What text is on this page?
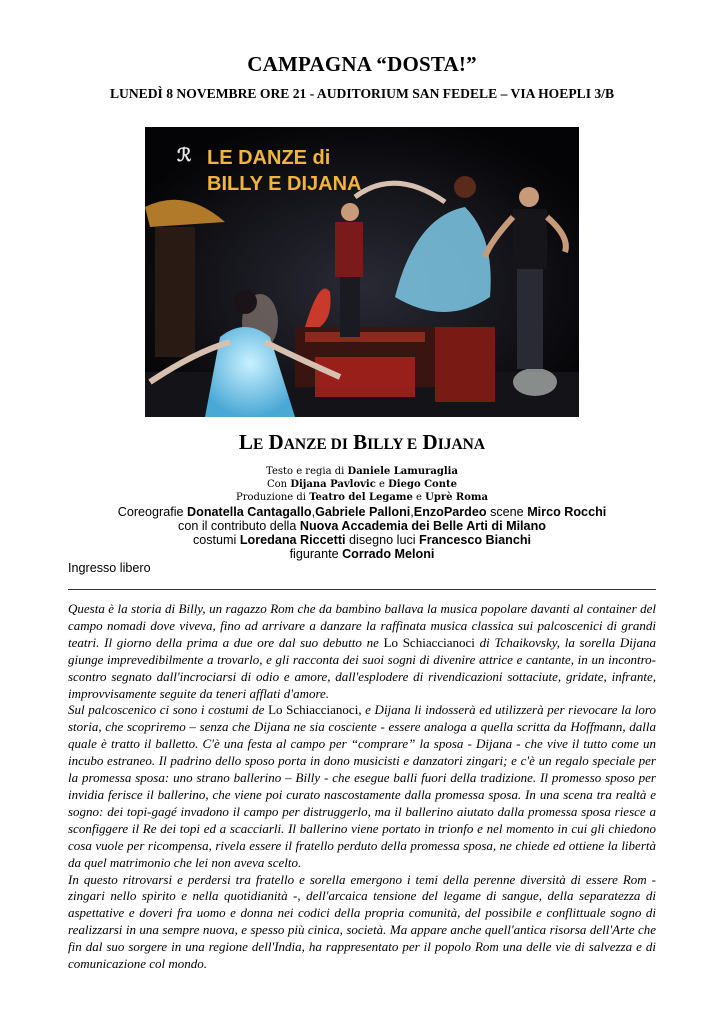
CAMPAGNA “DOSTA!”
LUNEDÌ 8 NOVEMBRE ORE 21 - AUDITORIUM SAN FEDELE – VIA HOEPLI 3/B
ℛ LE DANZE di
BILLY E DIJANA
LE DANZE DI BILLY E DIJANA
Testo e regia di Daniele Lamuraglia
Con Dijana Pavlovic e Diego Conte
Produzione di Teatro del Legame e Uprè Roma
Coreografie Donatella Cantagallo,Gabriele Palloni,EnzoPardeo scene Mirco Rocchi
con il contributo della Nuova Accademia dei Belle Arti di Milano
costumi Loredana Riccetti disegno luci Francesco Bianchi
figurante Corrado Meloni
Ingresso libero

Questa è la storia di Billy, un ragazzo Rom che da bambino ballava la musica popolare davanti al container del campo nomadi dove viveva, fino ad arrivare a danzare la raffinata musica classica sui palcoscenici di grandi teatri. Il giorno della prima a due ore dal suo debutto ne Lo Schiaccianoci di Tchaikovsky, la sorella Dijana giunge imprevedibilmente a trovarlo, e gli racconta dei suoi sogni di divenire attrice e cantante, in un incontro-scontro segnato dall'incrociarsi di odio e amore, dall'esplodere di rivendicazioni sottaciute, gridate, infrante, improvvisamente seguite da teneri afflati d'amore.

Sul palcoscenico ci sono i costumi de Lo Schiaccianoci, e Dijana li indosserà ed utilizzerà per rievocare la loro storia, che scopriremo – senza che Dijana ne sia cosciente - essere analoga a quella scritta da Hoffmann, dalla quale è tratto il balletto. C'è una festa al campo per “comprare” la sposa - Dijana - che vive il tutto come un incubo estraneo. Il padrino dello sposo porta in dono musicisti e danzatori zingari; e c'è un regalo speciale per la promessa sposa: uno strano ballerino – Billy - che esegue balli fuori della tradizione. Il promesso sposo per invidia ferisce il ballerino, che viene poi curato nascostamente dalla promessa sposa. In una scena tra realtà e sogno: dei topi-gagé invadono il campo per distruggerlo, ma il ballerino aiutato dalla promessa sposa riesce a sconfiggere il Re dei topi ed a scacciarli. Il ballerino viene portato in trionfo e nel momento in cui gli chiedono cosa vuole per ricompensa, rivela essere il fratello perduto della promessa sposa, ne chiede ed ottiene la libertà da quel matrimonio che lei non aveva scelto.

In questo ritrovarsi e perdersi tra fratello e sorella emergono i temi della perenne diversità di essere Rom - zingari nello spirito e nella quotidianità -, dell'arcaica tensione del legame di sangue, della separatezza di aspettative e doveri fra uomo e donna nei codici della propria comunità, del possibile e conflittuale sogno di realizzarsi in una sempre nuova, e spesso più cinica, società. Ma appare anche quell'antica risorsa dell'Arte che fin dal suo sorgere in una regione dell'India, ha rappresentato per il popolo Rom una delle vie di salvezza e di comunicazione col mondo.
